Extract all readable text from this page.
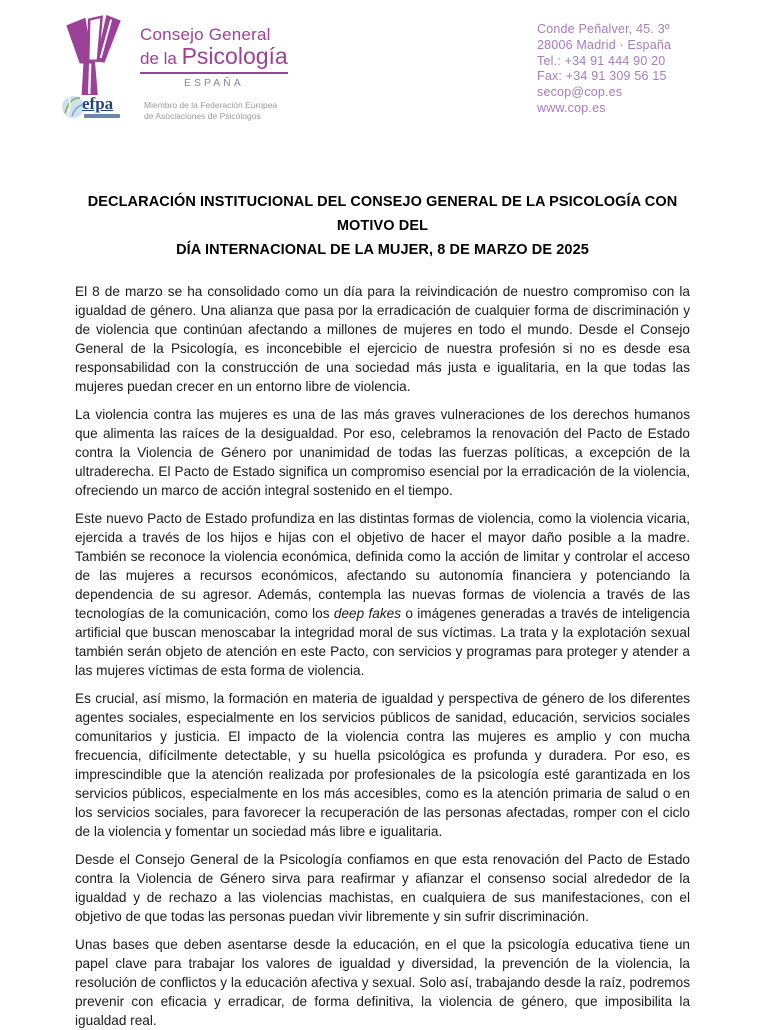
Consejo General
de la Psicología
ESPAÑA
efpa	Miembro de la Federación Europea
de Asociaciones de Psicólogos
Conde Peñalver, 45. 3º
28006 Madrid · España
Tel.: +34 91 444 90 20
Fax: +34 91 309 56 15
secop@cop.es
www.cop.es
DECLARACIÓN INSTITUCIONAL DEL CONSEJO GENERAL DE LA PSICOLOGÍA CON MOTIVO DEL
DÍA INTERNACIONAL DE LA MUJER, 8 DE MARZO DE 2025

El 8 de marzo se ha consolidado como un día para la reivindicación de nuestro compromiso con la igualdad de género. Una alianza que pasa por la erradicación de cualquier forma de discriminación y de violencia que continúan afectando a millones de mujeres en todo el mundo. Desde el Consejo General de la Psicología, es inconcebible el ejercicio de nuestra profesión si no es desde esa responsabilidad con la construcción de una sociedad más justa e igualitaria, en la que todas las mujeres puedan crecer en un entorno libre de violencia.

La violencia contra las mujeres es una de las más graves vulneraciones de los derechos humanos que alimenta las raíces de la desigualdad. Por eso, celebramos la renovación del Pacto de Estado contra la Violencia de Género por unanimidad de todas las fuerzas políticas, a excepción de la ultraderecha. El Pacto de Estado significa un compromiso esencial por la erradicación de la violencia, ofreciendo un marco de acción integral sostenido en el tiempo.

Este nuevo Pacto de Estado profundiza en las distintas formas de violencia, como la violencia vicaria, ejercida a través de los hijos e hijas con el objetivo de hacer el mayor daño posible a la madre. También se reconoce la violencia económica, definida como la acción de limitar y controlar el acceso de las mujeres a recursos económicos, afectando su autonomía financiera y potenciando la dependencia de su agresor. Además, contempla las nuevas formas de violencia a través de las tecnologías de la comunicación, como los deep fakes o imágenes generadas a través de inteligencia artificial que buscan menoscabar la integridad moral de sus víctimas. La trata y la explotación sexual también serán objeto de atención en este Pacto, con servicios y programas para proteger y atender a las mujeres víctimas de esta forma de violencia.

Es crucial, así mismo, la formación en materia de igualdad y perspectiva de género de los diferentes agentes sociales, especialmente en los servicios públicos de sanidad, educación, servicios sociales comunitarios y justicia. El impacto de la violencia contra las mujeres es amplio y con mucha frecuencia, difícilmente detectable, y su huella psicológica es profunda y duradera. Por eso, es imprescindible que la atención realizada por profesionales de la psicología esté garantizada en los servicios públicos, especialmente en los más accesibles, como es la atención primaria de salud o en los servicios sociales, para favorecer la recuperación de las personas afectadas, romper con el ciclo de la violencia y fomentar un sociedad más libre e igualitaria.

Desde el Consejo General de la Psicología confiamos en que esta renovación del Pacto de Estado contra la Violencia de Género sirva para reafirmar y afianzar el consenso social alrededor de la igualdad y de rechazo a las violencias machistas, en cualquiera de sus manifestaciones, con el objetivo de que todas las personas puedan vivir libremente y sin sufrir discriminación.

Unas bases que deben asentarse desde la educación, en el que la psicología educativa tiene un papel clave para trabajar los valores de igualdad y diversidad, la prevención de la violencia, la resolución de conflictos y la educación afectiva y sexual. Solo así, trabajando desde la raíz, podremos prevenir con eficacia y erradicar, de forma definitiva, la violencia de género, que imposibilita la igualdad real.
